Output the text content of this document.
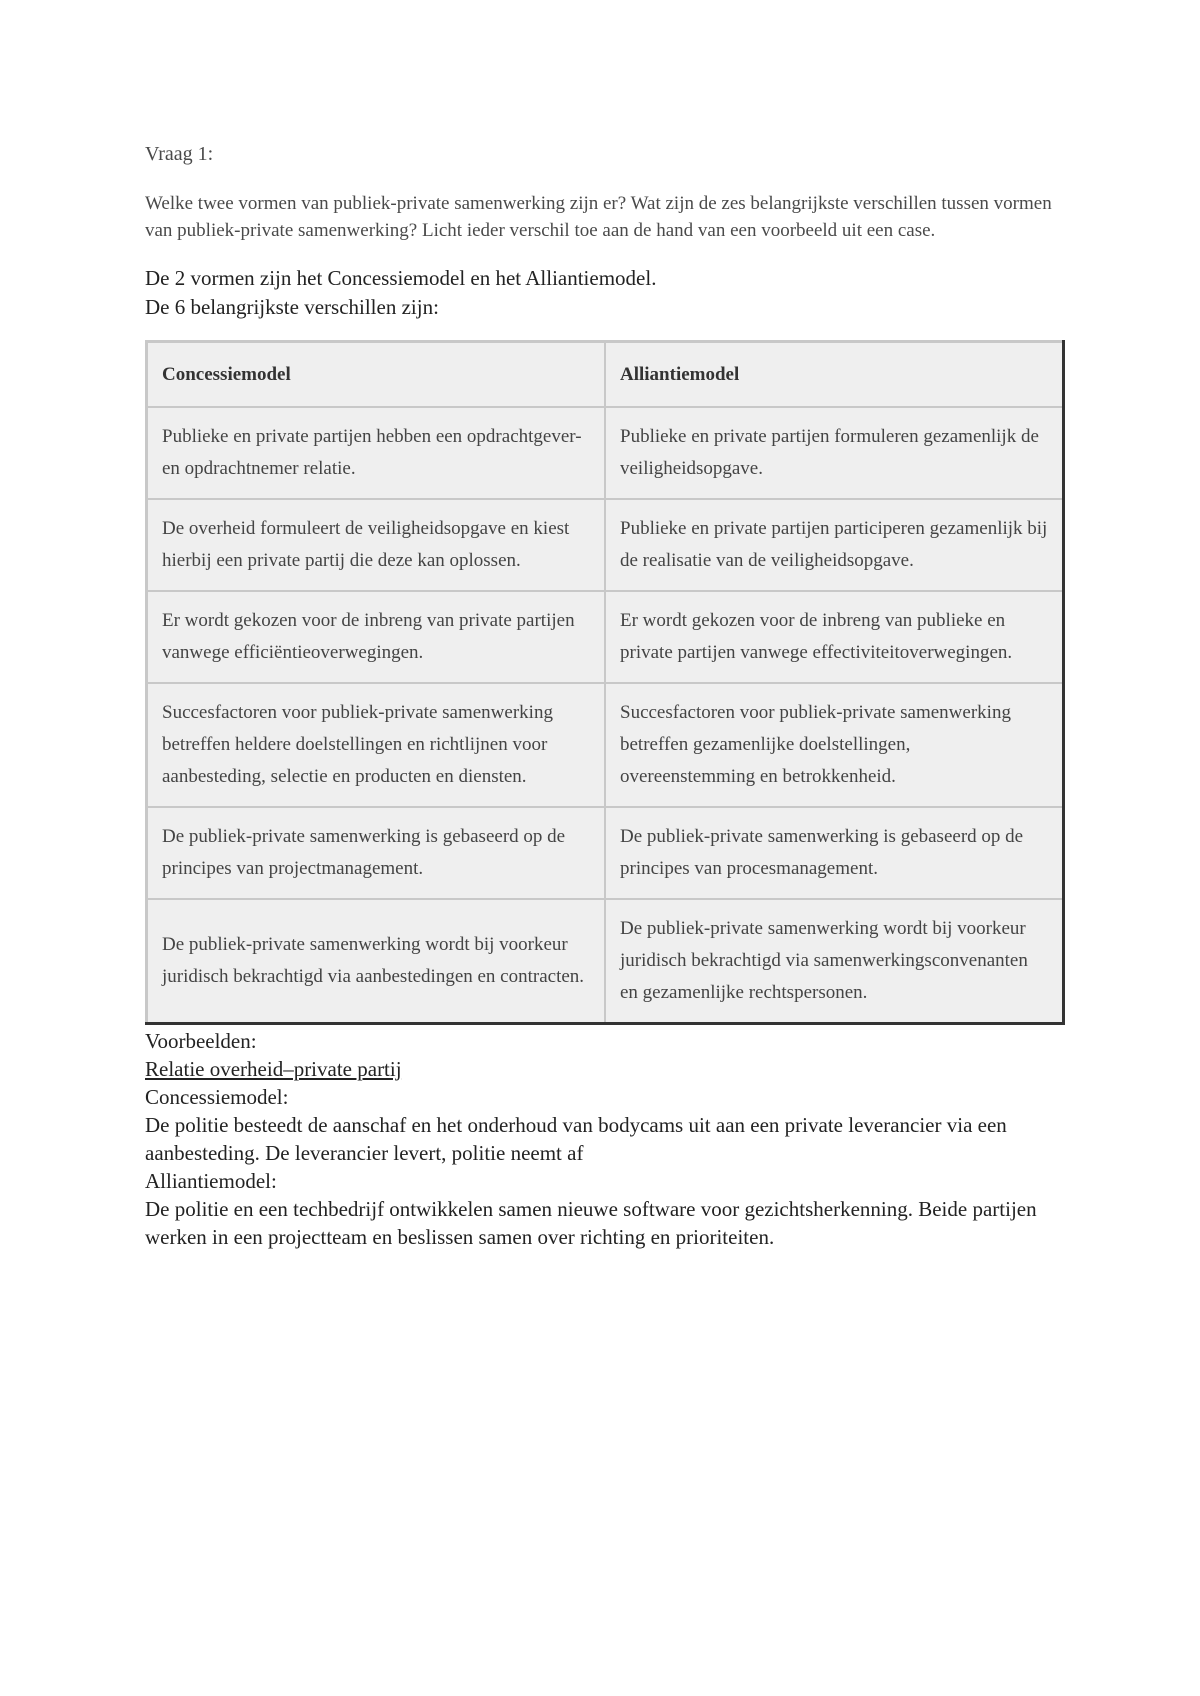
Vraag 1:

Welke twee vormen van publiek-private samenwerking zijn er? Wat zijn de zes belangrijkste verschillen tussen vormen van publiek-private samenwerking? Licht ieder verschil toe aan de hand van een voorbeeld uit een case.

De 2 vormen zijn het Concessiemodel en het Alliantiemodel.

De 6 belangrijkste verschillen zijn:

Concessiemodel	Alliantiemodel
Publieke en private partijen hebben een opdrachtgever- en opdrachtnemer relatie.	Publieke en private partijen formuleren gezamenlijk de veiligheidsopgave.
De overheid formuleert de veiligheidsopgave en kiest hierbij een private partij die deze kan oplossen.	Publieke en private partijen participeren gezamenlijk bij de realisatie van de veiligheidsopgave.
Er wordt gekozen voor de inbreng van private partijen vanwege efficiëntieoverwegingen.	Er wordt gekozen voor de inbreng van publieke en private partijen vanwege effectiviteitoverwegingen.
Succesfactoren voor publiek-private samenwerking betreffen heldere doelstellingen en richtlijnen voor aanbesteding, selectie en producten en diensten.	Succesfactoren voor publiek-private samenwerking betreffen gezamenlijke doelstellingen, overeenstemming en betrokkenheid.
De publiek-private samenwerking is gebaseerd op de principes van projectmanagement.	De publiek-private samenwerking is gebaseerd op de principes van procesmanagement.
De publiek-private samenwerking wordt bij voorkeur juridisch bekrachtigd via aanbestedingen en contracten.	De publiek-private samenwerking wordt bij voorkeur juridisch bekrachtigd via samenwerkingsconvenanten en gezamenlijke rechtspersonen.

Voorbeelden:

Relatie overheid–private partij

Concessiemodel:

De politie besteedt de aanschaf en het onderhoud van bodycams uit aan een private leverancier via een aanbesteding. De leverancier levert, politie neemt af

Alliantiemodel:

De politie en een techbedrijf ontwikkelen samen nieuwe software voor gezichtsherkenning. Beide partijen werken in een projectteam en beslissen samen over richting en prioriteiten.
